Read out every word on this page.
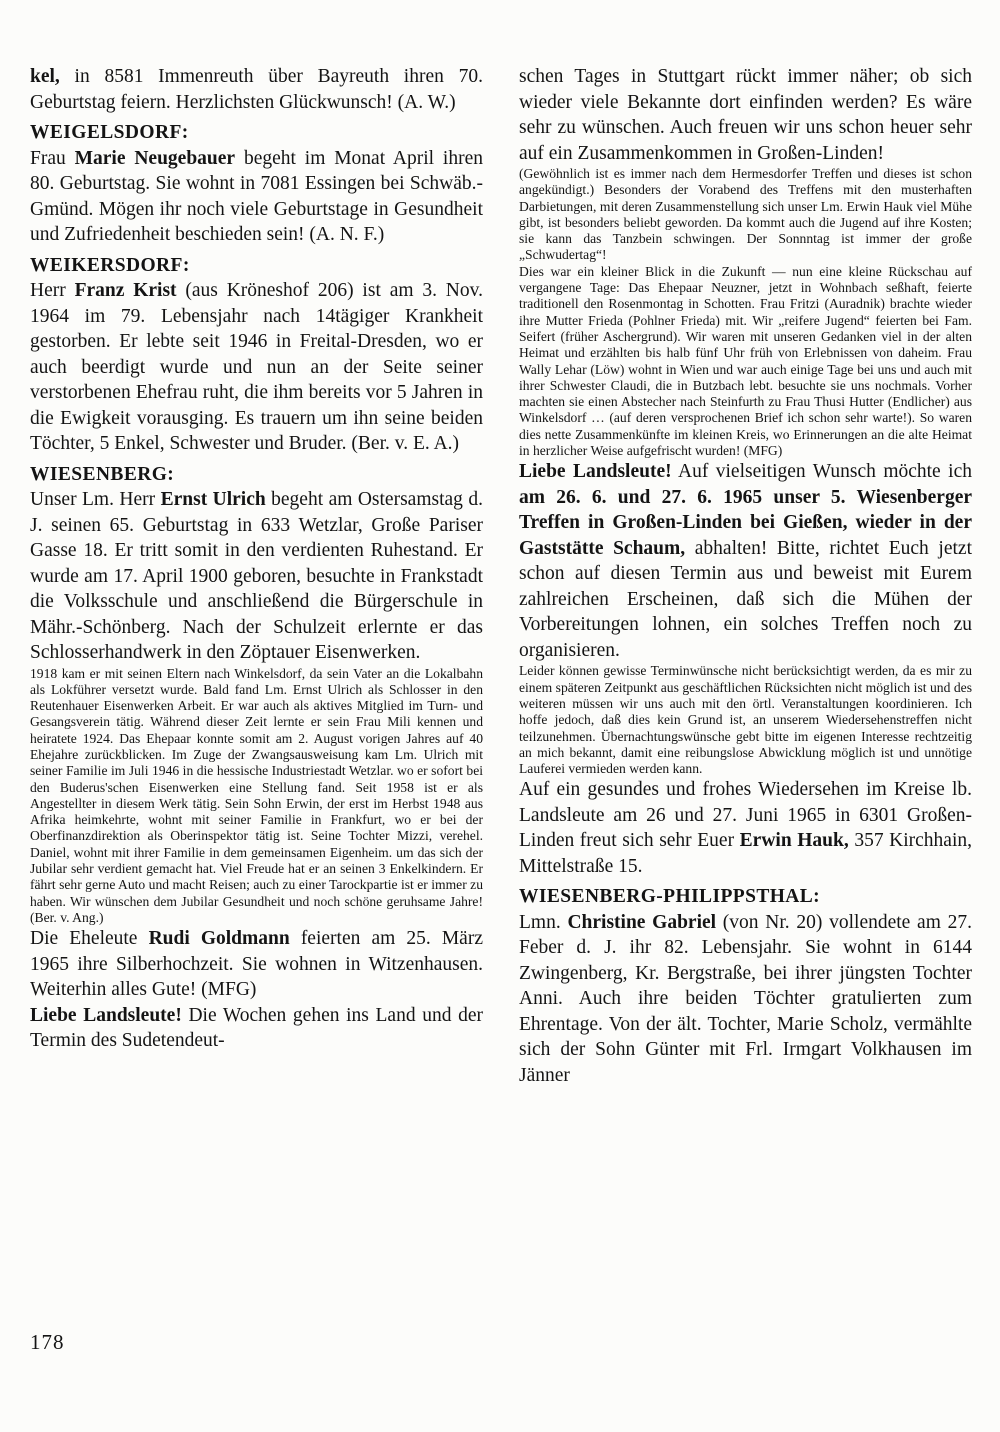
kel, in 8581 Immenreuth über Bayreuth ihren 70. Geburtstag feiern. Herzlichsten Glückwunsch! (A. W.)

WEIGELSDORF:

Frau Marie Neugebauer begeht im Monat April ihren 80. Geburtstag. Sie wohnt in 7081 Essingen bei Schwäb.-Gmünd. Mögen ihr noch viele Geburtstage in Gesundheit und Zufriedenheit beschieden sein! (A. N. F.)

WEIKERSDORF:

Herr Franz Krist (aus Kröneshof 206) ist am 3. Nov. 1964 im 79. Lebensjahr nach 14tägiger Krankheit gestorben. Er lebte seit 1946 in Freital-Dresden, wo er auch beerdigt wurde und nun an der Seite seiner verstorbenen Ehefrau ruht, die ihm bereits vor 5 Jahren in die Ewigkeit vorausging. Es trauern um ihn seine beiden Töchter, 5 Enkel, Schwester und Bruder. (Ber. v. E. A.)

WIESENBERG:

Unser Lm. Herr Ernst Ulrich begeht am Ostersamstag d. J. seinen 65. Geburtstag in 633 Wetzlar, Große Pariser Gasse 18. Er tritt somit in den verdienten Ruhestand. Er wurde am 17. April 1900 geboren, besuchte in Frankstadt die Volksschule und anschließend die Bürgerschule in Mähr.-Schönberg. Nach der Schulzeit erlernte er das Schlosserhandwerk in den Zöptauer Eisenwerken.

1918 kam er mit seinen Eltern nach Winkelsdorf, da sein Vater an die Lokalbahn als Lokführer versetzt wurde. Bald fand Lm. Ernst Ulrich als Schlosser in den Reutenhauer Eisenwerken Arbeit. Er war auch als aktives Mitglied im Turn- und Gesangsverein tätig. Während dieser Zeit lernte er sein Frau Mili kennen und heiratete 1924. Das Ehepaar konnte somit am 2. August vorigen Jahres auf 40 Ehejahre zurückblicken. Im Zuge der Zwangsausweisung kam Lm. Ulrich mit seiner Familie im Juli 1946 in die hessische Industriestadt Wetzlar. wo er sofort bei den Buderus'schen Eisenwerken eine Stellung fand. Seit 1958 ist er als Angestellter in diesem Werk tätig. Sein Sohn Erwin, der erst im Herbst 1948 aus Afrika heimkehrte, wohnt mit seiner Familie in Frankfurt, wo er bei der Oberfinanzdirektion als Oberinspektor tätig ist. Seine Tochter Mizzi, verehel. Daniel, wohnt mit ihrer Familie in dem gemeinsamen Eigenheim. um das sich der Jubilar sehr verdient gemacht hat. Viel Freude hat er an seinen 3 Enkelkindern. Er fährt sehr gerne Auto und macht Reisen; auch zu einer Tarockpartie ist er immer zu haben. Wir wünschen dem Jubilar Gesundheit und noch schöne geruhsame Jahre! (Ber. v. Ang.)

Die Eheleute Rudi Goldmann feierten am 25. März 1965 ihre Silberhochzeit. Sie wohnen in Witzenhausen. Weiterhin alles Gute! (MFG)

Liebe Landsleute! Die Wochen gehen ins Land und der Termin des Sudetendeut-

schen Tages in Stuttgart rückt immer näher; ob sich wieder viele Bekannte dort einfinden werden? Es wäre sehr zu wünschen. Auch freuen wir uns schon heuer sehr auf ein Zusammenkommen in Großen-Linden!

(Gewöhnlich ist es immer nach dem Hermesdorfer Treffen und dieses ist schon angekündigt.) Besonders der Vorabend des Treffens mit den musterhaften Darbietungen, mit deren Zusammenstellung sich unser Lm. Erwin Hauk viel Mühe gibt, ist besonders beliebt geworden. Da kommt auch die Jugend auf ihre Kosten; sie kann das Tanzbein schwingen. Der Sonnntag ist immer der große „Schwudertag“!

Dies war ein kleiner Blick in die Zukunft — nun eine kleine Rückschau auf vergangene Tage: Das Ehepaar Neuzner, jetzt in Wohnbach seßhaft, feierte traditionell den Rosenmontag in Schotten. Frau Fritzi (Auradnik) brachte wieder ihre Mutter Frieda (Pohlner Frieda) mit. Wir „reifere Jugend“ feierten bei Fam. Seifert (früher Aschergrund). Wir waren mit unseren Gedanken viel in der alten Heimat und erzählten bis halb fünf Uhr früh von Erlebnissen von daheim. Frau Wally Lehar (Löw) wohnt in Wien und war auch einige Tage bei uns und auch mit ihrer Schwester Claudi, die in Butzbach lebt. besuchte sie uns nochmals. Vorher machten sie einen Abstecher nach Steinfurth zu Frau Thusi Hutter (Endlicher) aus Winkelsdorf … (auf deren versprochenen Brief ich schon sehr warte!). So waren dies nette Zusammenkünfte im kleinen Kreis, wo Erinnerungen an die alte Heimat in herzlicher Weise aufgefrischt wurden! (MFG)

Liebe Landsleute! Auf vielseitigen Wunsch möchte ich am 26. 6. und 27. 6. 1965 unser 5. Wiesenberger Treffen in Großen-Linden bei Gießen, wieder in der Gaststätte Schaum, abhalten! Bitte, richtet Euch jetzt schon auf diesen Termin aus und beweist mit Eurem zahlreichen Erscheinen, daß sich die Mühen der Vorbereitungen lohnen, ein solches Treffen noch zu organisieren.

Leider können gewisse Terminwünsche nicht berücksichtigt werden, da es mir zu einem späteren Zeitpunkt aus geschäftlichen Rücksichten nicht möglich ist und des weiteren müssen wir uns auch mit den örtl. Veranstaltungen koordinieren. Ich hoffe jedoch, daß dies kein Grund ist, an unserem Wiedersehenstreffen nicht teilzunehmen. Übernachtungswünsche gebt bitte im eigenen Interesse rechtzeitig an mich bekannt, damit eine reibungslose Abwicklung möglich ist und unnötige Lauferei vermieden werden kann.

Auf ein gesundes und frohes Wiedersehen im Kreise lb. Landsleute am 26 und 27. Juni 1965 in 6301 Großen-Linden freut sich sehr Euer Erwin Hauk, 357 Kirchhain, Mittelstraße 15.

WIESENBERG-PHILIPPSTHAL:

Lmn. Christine Gabriel (von Nr. 20) vollendete am 27. Feber d. J. ihr 82. Lebensjahr. Sie wohnt in 6144 Zwingenberg, Kr. Bergstraße, bei ihrer jüngsten Tochter Anni. Auch ihre beiden Töchter gratulierten zum Ehrentage. Von der ält. Tochter, Marie Scholz, vermählte sich der Sohn Günter mit Frl. Irmgart Volkhausen im Jänner

178
